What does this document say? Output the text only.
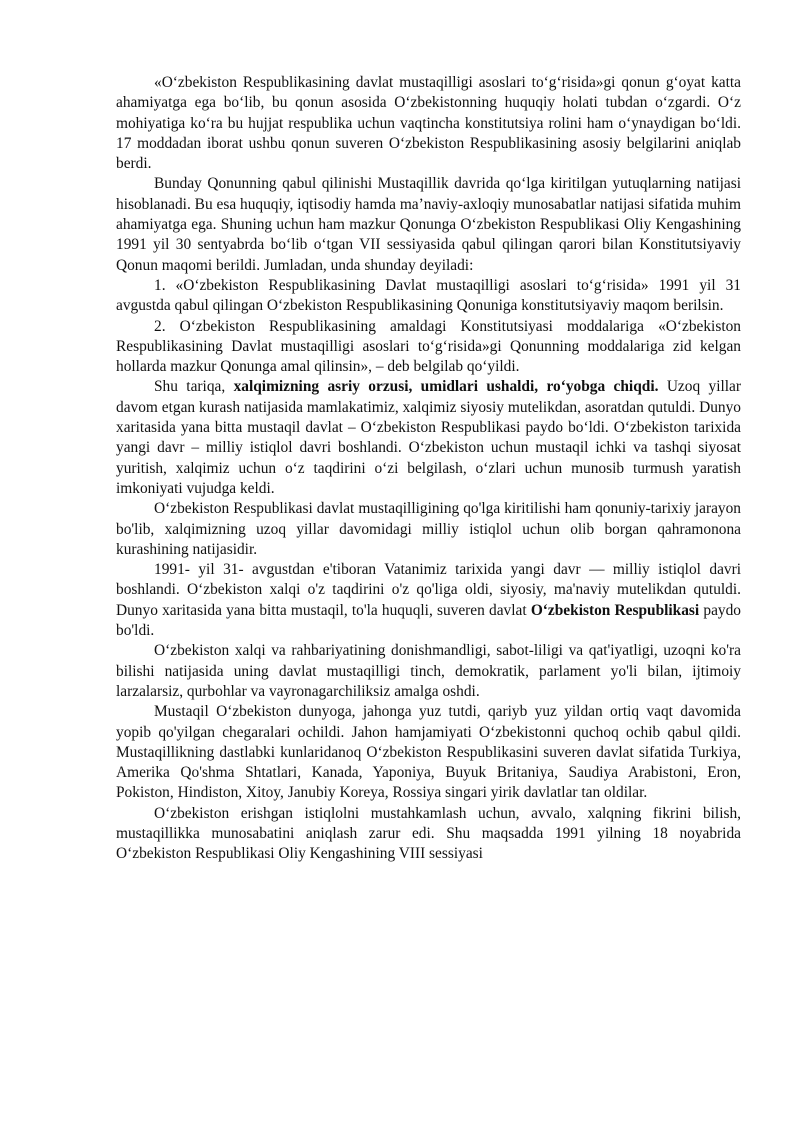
«O‘zbekiston Respublikasining davlat mustaqilligi asoslari to‘g‘risida»gi qonun g‘oyat katta ahamiyatga ega bo‘lib, bu qonun asosida O‘zbekistonning huquqiy holati tubdan o‘zgardi. O‘z mohiyatiga ko‘ra bu hujjat respublika uchun vaqtincha konstitutsiya rolini ham o‘ynaydigan bo‘ldi. 17 moddadan iborat ushbu qonun suveren O‘zbekiston Respublikasining asosiy belgilarini aniqlab berdi.

Bunday Qonunning qabul qilinishi Mustaqillik davrida qo‘lga kiritilgan yutuqlarning natijasi hisoblanadi. Bu esa huquqiy, iqtisodiy hamda ma’naviy-axloqiy munosabatlar natijasi sifatida muhim ahamiyatga ega. Shuning uchun ham mazkur Qonunga O‘zbekiston Respublikasi Oliy Kengashining 1991 yil 30 sentyabrda bo‘lib o‘tgan VII sessiyasida qabul qilingan qarori bilan Konstitutsiyaviy Qonun maqomi berildi. Jumladan, unda shunday deyiladi:

1. «O‘zbekiston Respublikasining Davlat mustaqilligi asoslari to‘g‘risida» 1991 yil 31 avgustda qabul qilingan O‘zbekiston Respublikasining Qonuniga konstitutsiyaviy maqom berilsin.

2. O‘zbekiston Respublikasining amaldagi Konstitutsiyasi moddalariga «O‘zbekiston Respublikasining Davlat mustaqilligi asoslari to‘g‘risida»gi Qonunning moddalariga zid kelgan hollarda mazkur Qonunga amal qilinsin», – deb belgilab qo‘yildi.

Shu tariqa, xalqimizning asriy orzusi, umidlari ushaldi, ro‘yobga chiqdi. Uzoq yillar davom etgan kurash natijasida mamlakatimiz, xalqimiz siyosiy mutelikdan, asoratdan qutuldi. Dunyo xaritasida yana bitta mustaqil davlat – O‘zbekiston Respublikasi paydo bo‘ldi. O‘zbekiston tarixida yangi davr – milliy istiqlol davri boshlandi. O‘zbekiston uchun mustaqil ichki va tashqi siyosat yuritish, xalqimiz uchun o‘z taqdirini o‘zi belgilash, o‘zlari uchun munosib turmush yaratish imkoniyati vujudga keldi.

O‘zbekiston Respublikasi davlat mustaqilligining qo'lga kiritilishi ham qonuniy-tarixiy jarayon bo'lib, xalqimizning uzoq yillar davomidagi milliy istiqlol uchun olib borgan qahramonona kurashining natijasidir.

1991- yil 31- avgustdan e'tiboran Vatanimiz tarixida yangi davr — milliy istiqlol davri boshlandi. O‘zbekiston xalqi o'z taqdirini o'z qo'liga oldi, siyosiy, ma'naviy mutelikdan qutuldi. Dunyo xaritasida yana bitta mustaqil, to'la huquqli, suveren davlat O‘zbekiston Respublikasi paydo bo'ldi.

O‘zbekiston xalqi va rahbariyatining donishmandligi, sabot-liligi va qat'iyatligi, uzoqni ko'ra bilishi natijasida uning davlat mustaqilligi tinch, demokratik, parlament yo'li bilan, ijtimoiy larzalarsiz, qurbohlar va vayronagarchiliksiz amalga oshdi.

Mustaqil O‘zbekiston dunyoga, jahonga yuz tutdi, qariyb yuz yildan ortiq vaqt davomida yopib qo'yilgan chegaralari ochildi. Jahon hamjamiyati O‘zbekistonni quchoq ochib qabul qildi. Mustaqillikning dastlabki kunlaridanoq O‘zbekiston Respublikasini suveren davlat sifatida Turkiya, Amerika Qo'shma Shtatlari, Kanada, Yaponiya, Buyuk Britaniya, Saudiya Arabistoni, Eron, Pokiston, Hindiston, Xitoy, Janubiy Koreya, Rossiya singari yirik davlatlar tan oldilar.

O‘zbekiston erishgan istiqlolni mustahkamlash uchun, avvalo, xalqning fikrini bilish, mustaqillikka munosabatini aniqlash zarur edi. Shu maqsadda 1991 yilning 18 noyabrida O‘zbekiston Respublikasi Oliy Kengashining VIII sessiyasi
